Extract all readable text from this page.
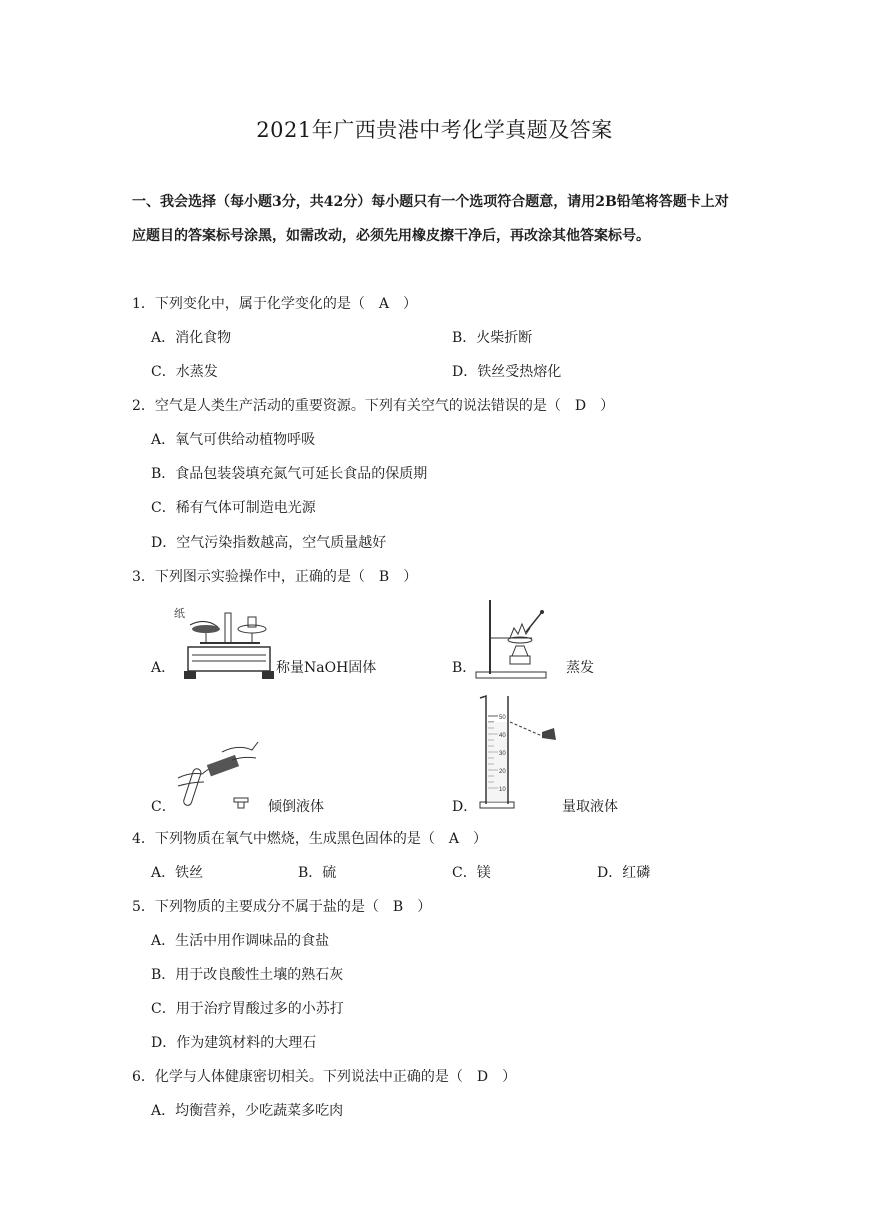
2021年广西贵港中考化学真题及答案
一、我会选择（每小题3分，共42分）每小题只有一个选项符合题意，请用2B铅笔将答题卡上对应题目的答案标号涂黑，如需改动，必须先用橡皮擦干净后，再改涂其他答案标号。
1．下列变化中，属于化学变化的是（　A　）
A．消化食物	B．火柴折断
C．水蒸发	D．铁丝受热熔化
2．空气是人类生产活动的重要资源。下列有关空气的说法错误的是（　D　）
A．氧气可供给动植物呼吸
B．食品包装袋填充氮气可延长食品的保质期
C．稀有气体可制造电光源
D．空气污染指数越高，空气质量越好
3．下列图示实验操作中，正确的是（　B　）
A．
纸
称量NaOH固体	B．	蒸发
C．	倾倒液体	D．
50
40
30
20
10
量取液体
4．下列物质在氧气中燃烧，生成黑色固体的是（　A　）
A．铁丝	B．硫	C．镁	D．红磷
5．下列物质的主要成分不属于盐的是（　B　）
A．生活中用作调味品的食盐
B．用于改良酸性土壤的熟石灰
C．用于治疗胃酸过多的小苏打
D．作为建筑材料的大理石
6．化学与人体健康密切相关。下列说法中正确的是（　D　）
A．均衡营养，少吃蔬菜多吃肉
